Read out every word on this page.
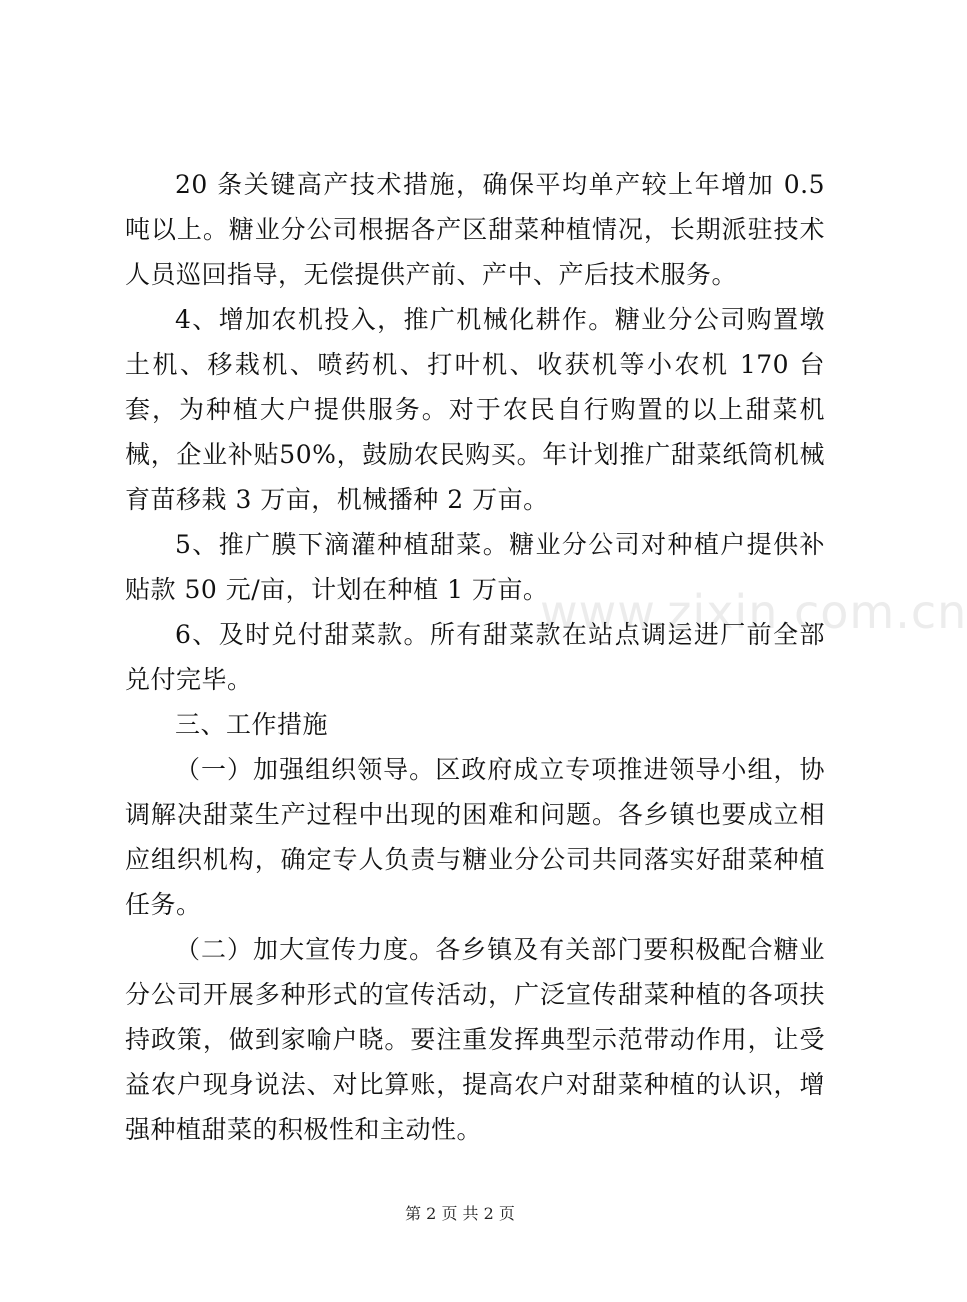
www.zixin.com.cn

20 条关键高产技术措施，确保平均单产较上年增加 0.5 吨以上。糖业分公司根据各产区甜菜种植情况，长期派驻技术人员巡回指导，无偿提供产前、产中、产后技术服务。

4、增加农机投入，推广机械化耕作。糖业分公司购置墩土机、移栽机、喷药机、打叶机、收获机等小农机 170 台套，为种植大户提供服务。对于农民自行购置的以上甜菜机械，企业补贴50%，鼓励农民购买。年计划推广甜菜纸筒机械育苗移栽 3 万亩，机械播种 2 万亩。

5、推广膜下滴灌种植甜菜。糖业分公司对种植户提供补贴款 50 元/亩，计划在种植 1 万亩。

6、及时兑付甜菜款。所有甜菜款在站点调运进厂前全部兑付完毕。

三、工作措施

（一）加强组织领导。区政府成立专项推进领导小组，协调解决甜菜生产过程中出现的困难和问题。各乡镇也要成立相应组织机构，确定专人负责与糖业分公司共同落实好甜菜种植任务。

（二）加大宣传力度。各乡镇及有关部门要积极配合糖业分公司开展多种形式的宣传活动，广泛宣传甜菜种植的各项扶持政策，做到家喻户晓。要注重发挥典型示范带动作用，让受益农户现身说法、对比算账，提高农户对甜菜种植的认识，增强种植甜菜的积极性和主动性。

第 2 页 共 2 页
